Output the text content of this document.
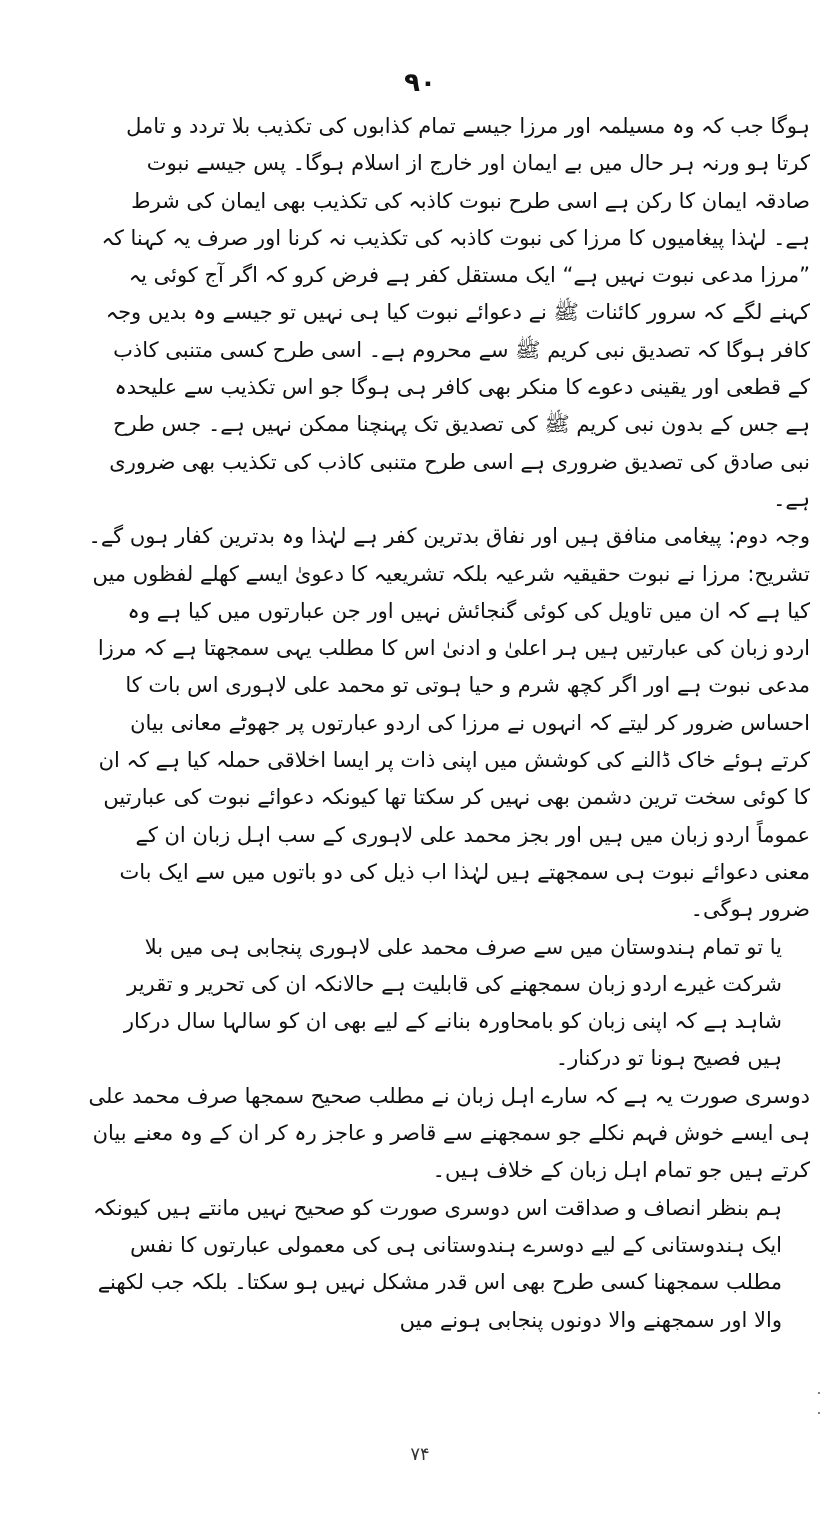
۹۰

ہوگا جب کہ وہ مسیلمہ اور مرزا جیسے تمام کذابوں کی تکذیب بلا تردد و تامل کرتا ہو ورنہ ہر حال میں بے ایمان اور خارج از اسلام ہوگا۔ پس جیسے نبوت صادقہ ایمان کا رکن ہے اسی طرح نبوت کاذبہ کی تکذیب بھی ایمان کی شرط ہے۔ لہٰذا پیغامیوں کا مرزا کی نبوت کاذبہ کی تکذیب نہ کرنا اور صرف یہ کہنا کہ ”مرزا مدعی نبوت نہیں ہے“ ایک مستقل کفر ہے فرض کرو کہ اگر آج کوئی یہ کہنے لگے کہ سرور کائنات ﷺ نے دعوائے نبوت کیا ہی نہیں تو جیسے وہ بدیں وجہ کافر ہوگا کہ تصدیق نبی کریم ﷺ سے محروم ہے۔ اسی طرح کسی متنبی کاذب کے قطعی اور یقینی دعوے کا منکر بھی کافر ہی ہوگا جو اس تکذیب سے علیحدہ ہے جس کے بدون نبی کریم ﷺ کی تصدیق تک پہنچنا ممکن نہیں ہے۔ جس طرح نبی صادق کی تصدیق ضروری ہے اسی طرح متنبی کاذب کی تکذیب بھی ضروری ہے۔

وجہ دوم: پیغامی منافق ہیں اور نفاق بدترین کفر ہے لہٰذا وہ بدترین کفار ہوں گے۔

تشریح: مرزا نے نبوت حقیقیہ شرعیہ بلکہ تشریعیہ کا دعویٰ ایسے کھلے لفظوں میں کیا ہے کہ ان میں تاویل کی کوئی گنجائش نہیں اور جن عبارتوں میں کیا ہے وہ اردو زبان کی عبارتیں ہیں ہر اعلیٰ و ادنیٰ اس کا مطلب یہی سمجھتا ہے کہ مرزا مدعی نبوت ہے اور اگر کچھ شرم و حیا ہوتی تو محمد علی لاہوری اس بات کا احساس ضرور کر لیتے کہ انہوں نے مرزا کی اردو عبارتوں پر جھوٹے معانی بیان کرتے ہوئے خاک ڈالنے کی کوشش میں اپنی ذات پر ایسا اخلاقی حملہ کیا ہے کہ ان کا کوئی سخت ترین دشمن بھی نہیں کر سکتا تھا کیونکہ دعوائے نبوت کی عبارتیں عموماً اردو زبان میں ہیں اور بجز محمد علی لاہوری کے سب اہل زبان ان کے معنی دعوائے نبوت ہی سمجھتے ہیں لہٰذا اب ذیل کی دو باتوں میں سے ایک بات ضرور ہوگی۔

یا تو تمام ہندوستان میں سے صرف محمد علی لاہوری پنجابی ہی میں بلا شرکت غیرے اردو زبان سمجھنے کی قابلیت ہے حالانکہ ان کی تحریر و تقریر شاہد ہے کہ اپنی زبان کو بامحاورہ بنانے کے لیے بھی ان کو سالہا سال درکار ہیں فصیح ہونا تو درکنار۔

دوسری صورت یہ ہے کہ سارے اہل زبان نے مطلب صحیح سمجھا صرف محمد علی ہی ایسے خوش فہم نکلے جو سمجھنے سے قاصر و عاجز رہ کر ان کے وہ معنے بیان کرتے ہیں جو تمام اہل زبان کے خلاف ہیں۔

ہم بنظر انصاف و صداقت اس دوسری صورت کو صحیح نہیں مانتے ہیں کیونکہ ایک ہندوستانی کے لیے دوسرے ہندوستانی ہی کی معمولی عبارتوں کا نفس مطلب سمجھنا کسی طرح بھی اس قدر مشکل نہیں ہو سکتا۔ بلکہ جب لکھنے والا اور سمجھنے والا دونوں پنجابی ہونے میں

۷۴
